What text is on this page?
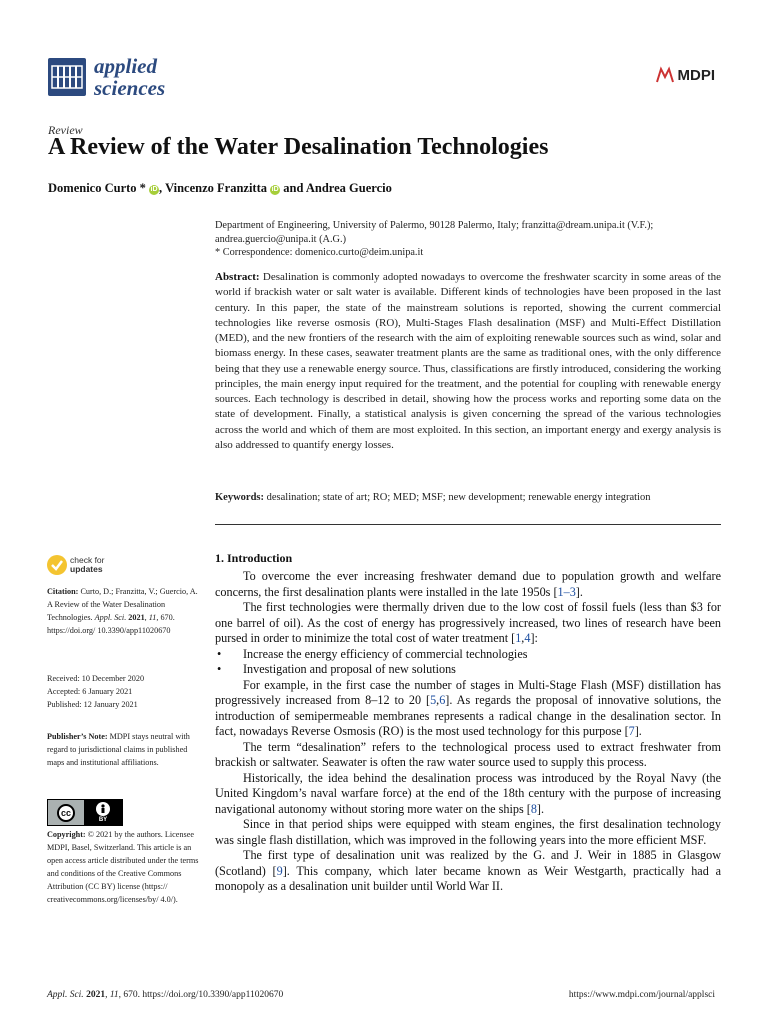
applied
sciences
MDPI
Review
A Review of the Water Desalination Technologies
Domenico Curto * iD , Vincenzo Franzitta iD and Andrea Guercio
Department of Engineering, University of Palermo, 90128 Palermo, Italy; franzitta@dream.unipa.it (V.F.);
andrea.guercio@unipa.it (A.G.)
* Correspondence: domenico.curto@deim.unipa.it
Abstract: Desalination is commonly adopted nowadays to overcome the freshwater scarcity in some areas of the world if brackish water or salt water is available. Different kinds of technologies have been proposed in the last century. In this paper, the state of the mainstream solutions is reported, showing the current commercial technologies like reverse osmosis (RO), Multi-Stages Flash desalination (MSF) and Multi-Effect Distillation (MED), and the new frontiers of the research with the aim of exploiting renewable sources such as wind, solar and biomass energy. In these cases, seawater treatment plants are the same as traditional ones, with the only difference being that they use a renewable energy source. Thus, classifications are firstly introduced, considering the working principles, the main energy input required for the treatment, and the potential for coupling with renewable energy sources. Each technology is described in detail, showing how the process works and reporting some data on the state of development. Finally, a statistical analysis is given concerning the spread of the various technologies across the world and which of them are most exploited. In this section, an important energy and exergy analysis is also addressed to quantify energy losses.
Keywords: desalination; state of art; RO; MED; MSF; new development; renewable energy integration
check for
updates
Citation: Curto, D.; Franzitta, V.; Guercio, A. A Review of the Water Desalination Technologies. Appl. Sci. 2021, 11, 670. https://doi.org/ 10.3390/app11020670
Received: 10 December 2020
Accepted: 6 January 2021
Published: 12 January 2021
Publisher’s Note: MDPI stays neutral with regard to jurisdictional claims in published maps and institutional affiliations.
cc
BY
Copyright: © 2021 by the authors. Licensee MDPI, Basel, Switzerland. This article is an open access article distributed under the terms and conditions of the Creative Commons Attribution (CC BY) license (https:// creativecommons.org/licenses/by/ 4.0/).
1. Introduction

To overcome the ever increasing freshwater demand due to population growth and welfare concerns, the first desalination plants were installed in the late 1950s [1–3].

The first technologies were thermally driven due to the low cost of fossil fuels (less than $3 for one barrel of oil). As the cost of energy has progressively increased, two lines of research have been pursed in order to minimize the total cost of water treatment [1,4]:

• Increase the energy efficiency of commercial technologies
• Investigation and proposal of new solutions

For example, in the first case the number of stages in Multi-Stage Flash (MSF) distillation has progressively increased from 8–12 to 20 [5,6]. As regards the proposal of innovative solutions, the introduction of semipermeable membranes represents a radical change in the desalination sector. In fact, nowadays Reverse Osmosis (RO) is the most used technology for this purpose [7].

The term “desalination” refers to the technological process used to extract freshwater from brackish or saltwater. Seawater is often the raw water source used to supply this process.

Historically, the idea behind the desalination process was introduced by the Royal Navy (the United Kingdom’s naval warfare force) at the end of the 18th century with the purpose of increasing navigational autonomy without storing more water on the ships [8].

Since in that period ships were equipped with steam engines, the first desalination technology was single flash distillation, which was improved in the following years into the more efficient MSF.

The first type of desalination unit was realized by the G. and J. Weir in 1885 in Glasgow (Scotland) [9]. This company, which later became known as Weir Westgarth, practically had a monopoly as a desalination unit builder until World War II.

Appl. Sci. 2021, 11, 670. https://doi.org/10.3390/app11020670	https://www.mdpi.com/journal/applsci
